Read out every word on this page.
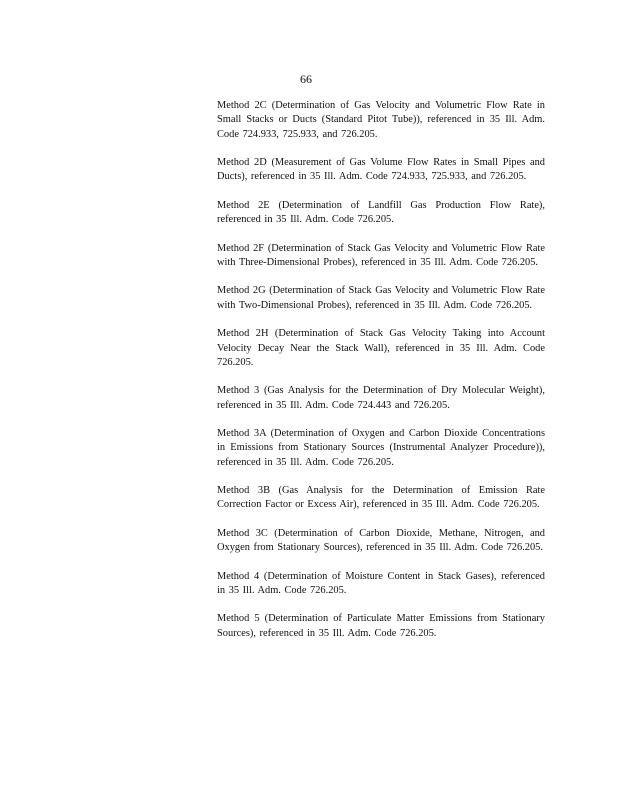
66
Method 2C (Determination of Gas Velocity and Volumetric Flow Rate in Small Stacks or Ducts (Standard Pitot Tube)), referenced in 35 Ill. Adm. Code 724.933, 725.933, and 726.205.
Method 2D (Measurement of Gas Volume Flow Rates in Small Pipes and Ducts), referenced in 35 Ill. Adm. Code 724.933, 725.933, and 726.205.
Method 2E (Determination of Landfill Gas Production Flow Rate), referenced in 35 Ill. Adm. Code 726.205.
Method 2F (Determination of Stack Gas Velocity and Volumetric Flow Rate with Three-Dimensional Probes), referenced in 35 Ill. Adm. Code 726.205.
Method 2G (Determination of Stack Gas Velocity and Volumetric Flow Rate with Two-Dimensional Probes), referenced in 35 Ill. Adm. Code 726.205.
Method 2H (Determination of Stack Gas Velocity Taking into Account Velocity Decay Near the Stack Wall), referenced in 35 Ill. Adm. Code 726.205.
Method 3 (Gas Analysis for the Determination of Dry Molecular Weight), referenced in 35 Ill. Adm. Code 724.443 and 726.205.
Method 3A (Determination of Oxygen and Carbon Dioxide Concentrations in Emissions from Stationary Sources (Instrumental Analyzer Procedure)), referenced in 35 Ill. Adm. Code 726.205.
Method 3B (Gas Analysis for the Determination of Emission Rate Correction Factor or Excess Air), referenced in 35 Ill. Adm. Code 726.205.
Method 3C (Determination of Carbon Dioxide, Methane, Nitrogen, and Oxygen from Stationary Sources), referenced in 35 Ill. Adm. Code 726.205.
Method 4 (Determination of Moisture Content in Stack Gases), referenced in 35 Ill. Adm. Code 726.205.
Method 5 (Determination of Particulate Matter Emissions from Stationary Sources), referenced in 35 Ill. Adm. Code 726.205.
